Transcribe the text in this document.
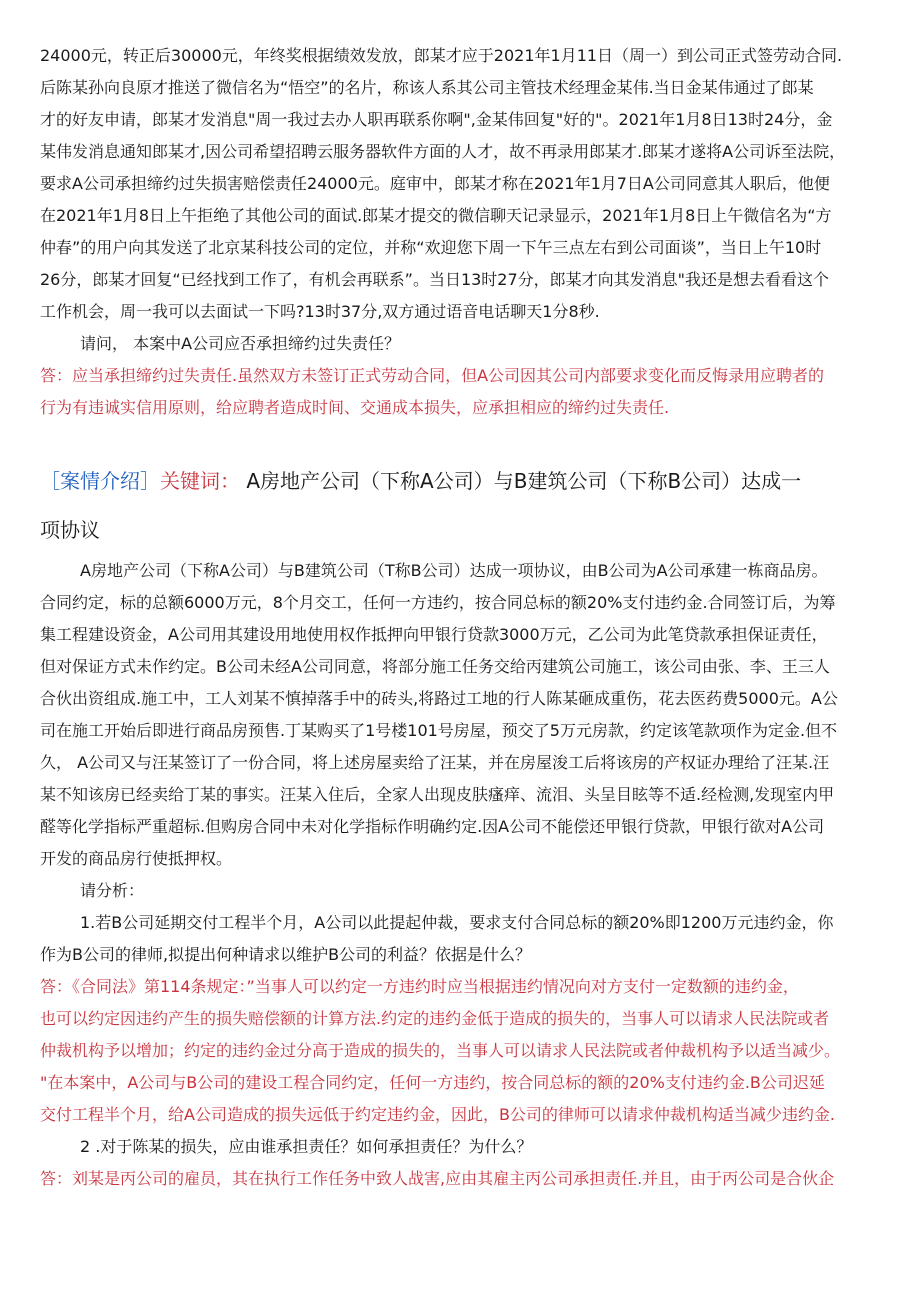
24000元，转正后30000元，年终奖根据绩效发放，郎某才应于2021年1月11日（周一）到公司正式签劳动合同.

后陈某孙向良原才推送了微信名为“悟空”的名片，称该人系其公司主管技术经理金某伟.当日金某伟通过了郎某

才的好友申请，郎某才发消息"周一我过去办人职再联系你啊",金某伟回复"好的"。2021年1月8日13时24分，金

某伟发消息通知郎某才,因公司希望招聘云服务器软件方面的人才，故不再录用郎某才.郎某才遂将A公司诉至法院，

要求A公司承担缔约过失损害赔偿责任24000元。庭审中，郎某才称在2021年1月7日A公司同意其人职后，他便

在2021年1月8日上午拒绝了其他公司的面试.郎某才提交的微信聊天记录显示，2021年1月8日上午微信名为“方

仲春”的用户向其发送了北京某科技公司的定位，并称“欢迎您下周一下午三点左右到公司面谈”，当日上午10时

26分，郎某才回复“已经找到工作了，有机会再联系”。当日13时27分，郎某才向其发消息"我还是想去看看这个

工作机会，周一我可以去面试一下吗?13时37分,双方通过语音电话聊天1分8秒.

请问， 本案中A公司应否承担缔约过失责任？

答：应当承担缔约过失责任.虽然双方未签订正式劳动合同，但A公司因其公司内部要求变化而反悔录用应聘者的

行为有违诚实信用原则，给应聘者造成时间、交通成本损失，应承担相应的缔约过失责任.

［案情介绍］关键词： A房地产公司（下称A公司）与B建筑公司（下称B公司）达成一

项协议

A房地产公司（下称A公司）与B建筑公司（T称B公司）达成一项协议，由B公司为A公司承建一栋商品房。

合同约定，标的总额6000万元，8个月交工，任何一方违约，按合同总标的额20%支付违约金.合同签订后，为筹

集工程建设资金，A公司用其建设用地使用权作抵押向甲银行贷款3000万元，乙公司为此笔贷款承担保证责任，

但对保证方式未作约定。B公司未经A公司同意，将部分施工任务交给丙建筑公司施工，该公司由张、李、王三人

合伙出资组成.施工中，工人刘某不慎掉落手中的砖头,将路过工地的行人陈某砸成重伤，花去医药费5000元。A公

司在施工开始后即进行商品房预售.丁某购买了1号楼101号房屋，预交了5万元房款，约定该笔款项作为定金.但不

久， A公司又与汪某签订了一份合同，将上述房屋卖给了汪某，并在房屋浚工后将该房的产权证办理给了汪某.汪

某不知该房已经卖给丁某的事实。汪某入住后，全家人出现皮肤瘙痒、流泪、头呈目眩等不适.经检测,发现室内甲

醛等化学指标严重超标.但购房合同中未对化学指标作明确约定.因A公司不能偿还甲银行贷款，甲银行欲对A公司

开发的商品房行使抵押权。

请分析：

1.若B公司延期交付工程半个月，A公司以此提起仲裁，要求支付合同总标的额20%即1200万元违约金，你

作为B公司的律师,拟提出何种请求以维护B公司的利益？依据是什么？

答：《合同法》第114条规定：”当事人可以约定一方违约时应当根据违约情况向对方支付一定数额的违约金，

也可以约定因违约产生的损失赔偿额的计算方法.约定的违约金低于造成的损失的，当事人可以请求人民法院或者

仲裁机构予以增加；约定的违约金过分高于造成的损失的，当事人可以请求人民法院或者仲裁机构予以适当减少。

"在本案中，A公司与B公司的建设工程合同约定，任何一方违约，按合同总标的额的20%支付违约金.B公司迟延

交付工程半个月，给A公司造成的损失远低于约定违约金，因此，B公司的律师可以请求仲裁机构适当减少违约金.

2 .对于陈某的损失，应由谁承担责任？如何承担责任？为什么？

答：刘某是丙公司的雇员，其在执行工作任务中致人战害,应由其雇主丙公司承担责任.并且，由于丙公司是合伙企
